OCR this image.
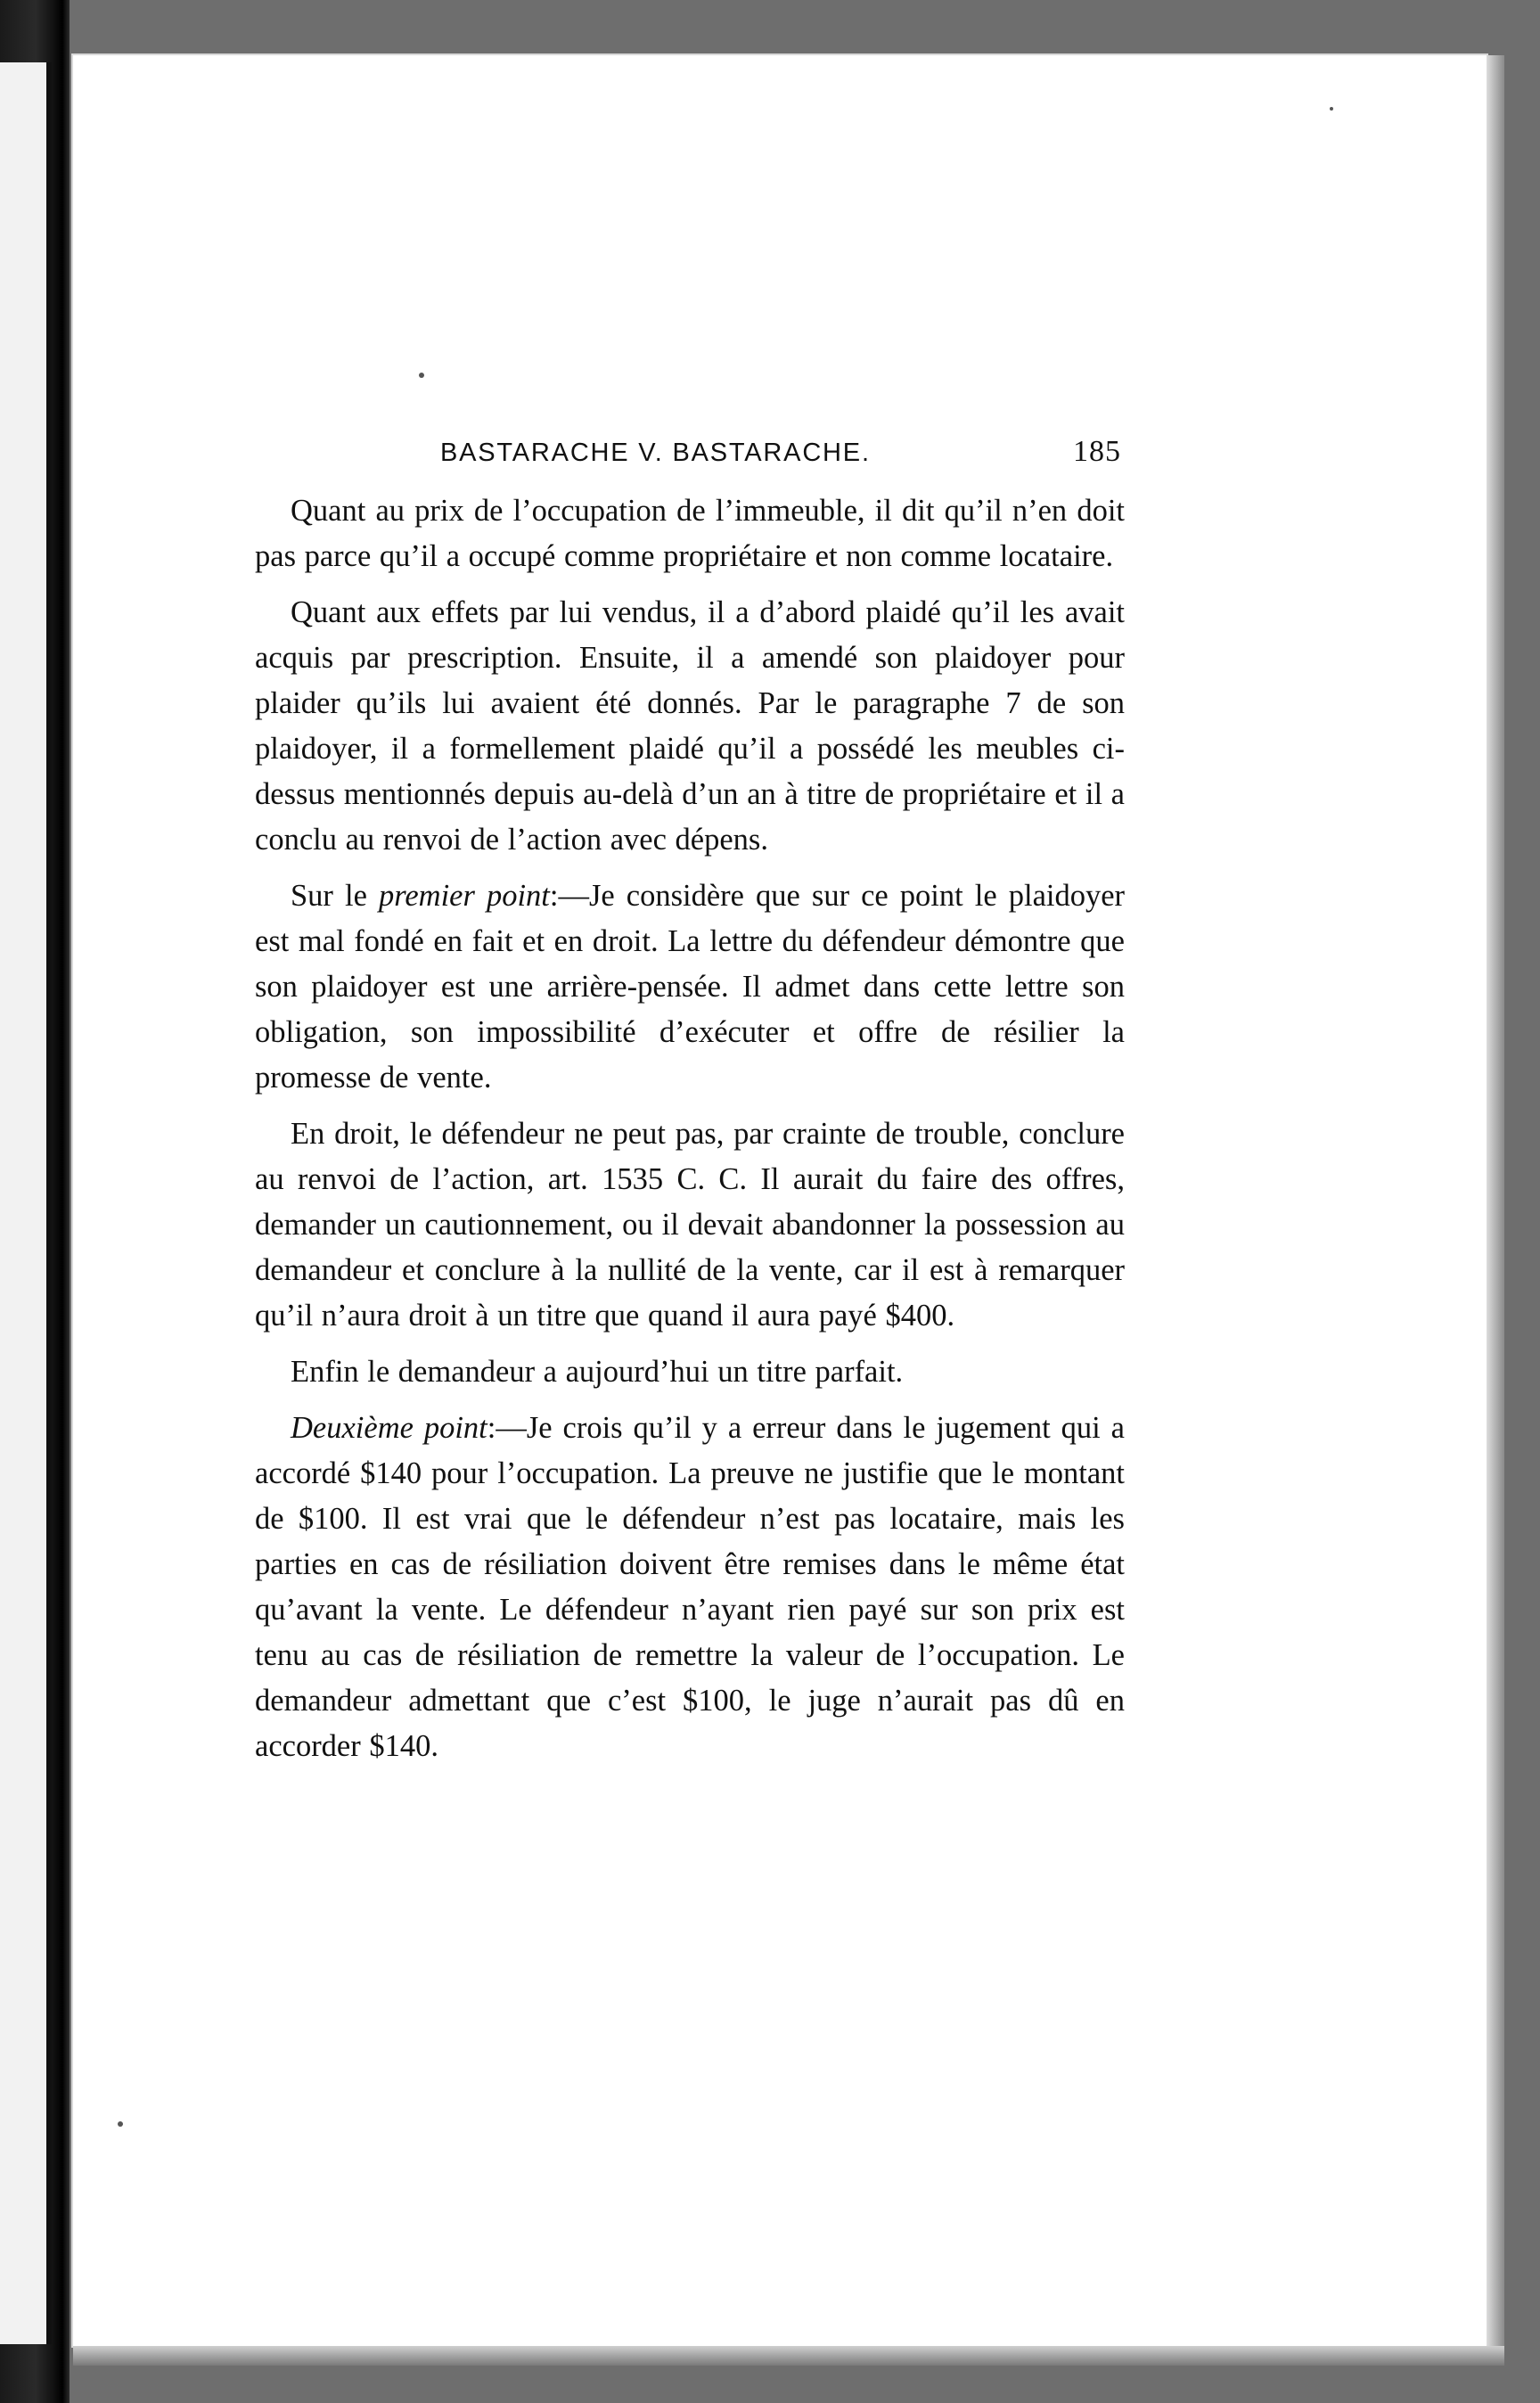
BASTARACHE V. BASTARACHE.	185

Quant au prix de l’occupation de l’immeuble, il dit qu’il n’en doit pas parce qu’il a occupé comme propriétaire et non comme locataire.

Quant aux effets par lui vendus, il a d’abord plaidé qu’il les avait acquis par prescription. Ensuite, il a amendé son plaidoyer pour plaider qu’ils lui avaient été donnés. Par le paragraphe 7 de son plaidoyer, il a formellement plaidé qu’il a possédé les meubles ci-dessus mentionnés depuis au-delà d’un an à titre de propriétaire et il a conclu au renvoi de l’action avec dépens.

Sur le premier point:—Je considère que sur ce point le plaidoyer est mal fondé en fait et en droit. La lettre du défendeur démontre que son plaidoyer est une arrière-pensée. Il admet dans cette lettre son obligation, son impossibilité d’exécuter et offre de résilier la promesse de vente.

En droit, le défendeur ne peut pas, par crainte de trouble, conclure au renvoi de l’action, art. 1535 C. C. Il aurait du faire des offres, demander un cautionnement, ou il devait abandonner la possession au demandeur et conclure à la nullité de la vente, car il est à remarquer qu’il n’aura droit à un titre que quand il aura payé $400.

Enfin le demandeur a aujourd’hui un titre parfait.

Deuxième point:—Je crois qu’il y a erreur dans le jugement qui a accordé $140 pour l’occupation. La preuve ne justifie que le montant de $100. Il est vrai que le défendeur n’est pas locataire, mais les parties en cas de résiliation doivent être remises dans le même état qu’avant la vente. Le défendeur n’ayant rien payé sur son prix est tenu au cas de résiliation de remettre la valeur de l’occupation. Le demandeur admettant que c’est $100, le juge n’aurait pas dû en accorder $140.
